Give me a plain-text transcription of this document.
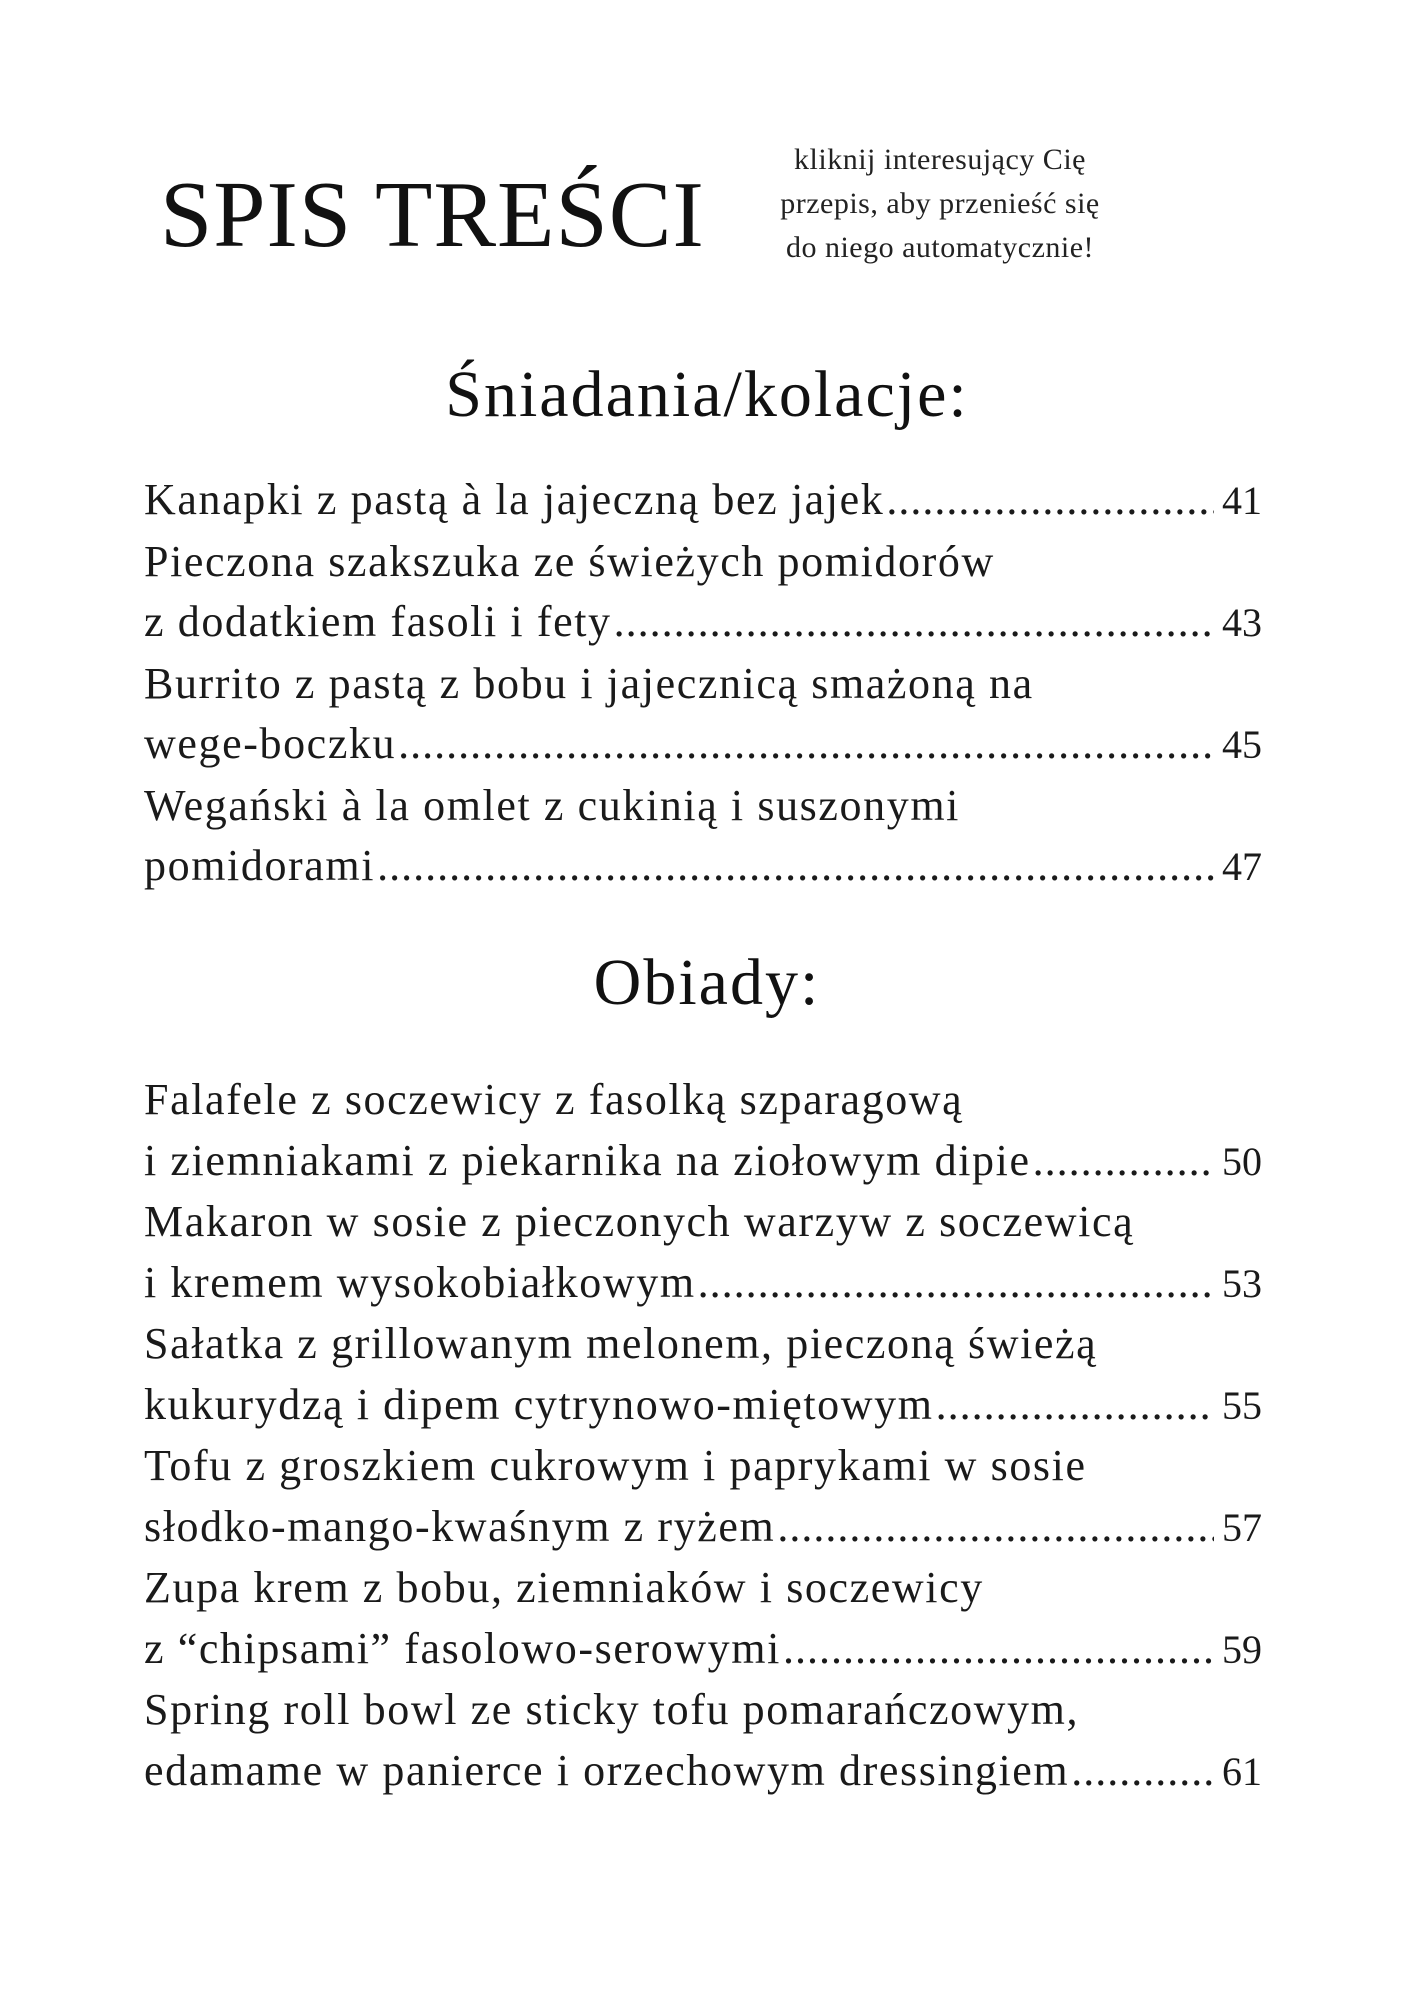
SPIS TREŚCI
kliknij interesujący Cię
przepis, aby przenieść się
do niego automatycznie!
Śniadania/kolacje:
Kanapki z pastą à la jajeczną bez jajek .....	41
Pieczona szakszuka ze świeżych pomidorów
z dodatkiem fasoli i fety .....	43
Burrito z pastą z bobu i jajecznicą smażoną na
wege-boczku .....	45
Wegański à la omlet z cukinią i suszonymi
pomidorami .....	47
Obiady:
Falafele z soczewicy z fasolką szparagową
i ziemniakami z piekarnika na ziołowym dipie .....	50
Makaron w sosie z pieczonych warzyw z soczewicą
i kremem wysokobiałkowym .....	53
Sałatka z grillowanym melonem, pieczoną świeżą
kukurydzą i dipem cytrynowo-miętowym .....	55
Tofu z groszkiem cukrowym i paprykami w sosie
słodko-mango-kwaśnym z ryżem .....	57
Zupa krem z bobu, ziemniaków i soczewicy
z “chipsami” fasolowo-serowymi .....	59
Spring roll bowl ze sticky tofu pomarańczowym,
edamame w panierce i orzechowym dressingiem .....	61
